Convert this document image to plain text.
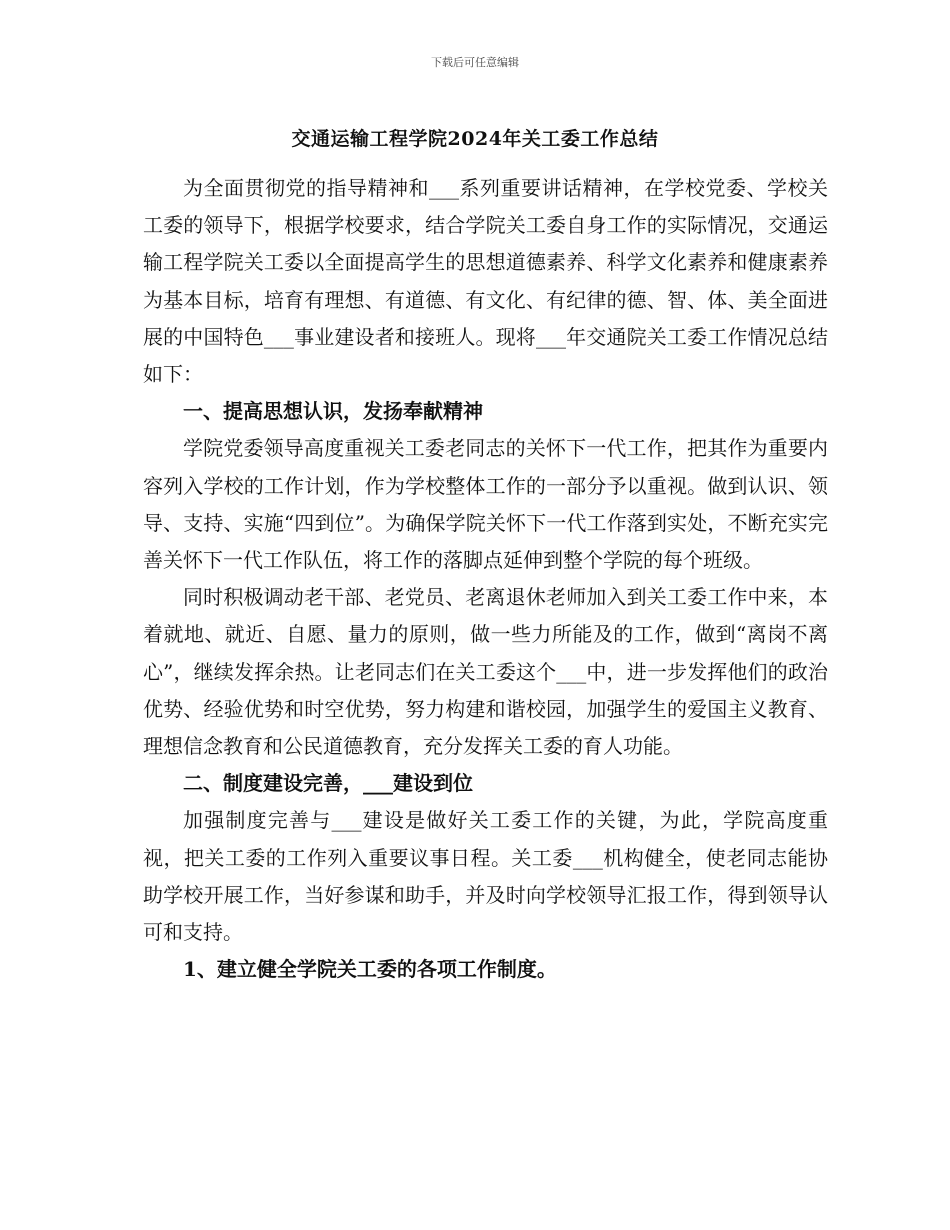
下载后可任意编辑
交通运输工程学院2024年关工委工作总结

为全面贯彻党的指导精神和___系列重要讲话精神，在学校党委、学校关工委的领导下，根据学校要求，结合学院关工委自身工作的实际情况，交通运输工程学院关工委以全面提高学生的思想道德素养、科学文化素养和健康素养为基本目标，培育有理想、有道德、有文化、有纪律的德、智、体、美全面进展的中国特色___事业建设者和接班人。现将___年交通院关工委工作情况总结如下：

一、提高思想认识，发扬奉献精神

学院党委领导高度重视关工委老同志的关怀下一代工作，把其作为重要内容列入学校的工作计划，作为学校整体工作的一部分予以重视。做到认识、领导、支持、实施“四到位”。为确保学院关怀下一代工作落到实处，不断充实完善关怀下一代工作队伍，将工作的落脚点延伸到整个学院的每个班级。

同时积极调动老干部、老党员、老离退休老师加入到关工委工作中来，本着就地、就近、自愿、量力的原则，做一些力所能及的工作，做到“离岗不离心”，继续发挥余热。让老同志们在关工委这个___中，进一步发挥他们的政治优势、经验优势和时空优势，努力构建和谐校园，加强学生的爱国主义教育、理想信念教育和公民道德教育，充分发挥关工委的育人功能。

二、制度建设完善，___建设到位

加强制度完善与___建设是做好关工委工作的关键，为此，学院高度重视，把关工委的工作列入重要议事日程。关工委___机构健全，使老同志能协助学校开展工作，当好参谋和助手，并及时向学校领导汇报工作，得到领导认可和支持。

1、建立健全学院关工委的各项工作制度。
